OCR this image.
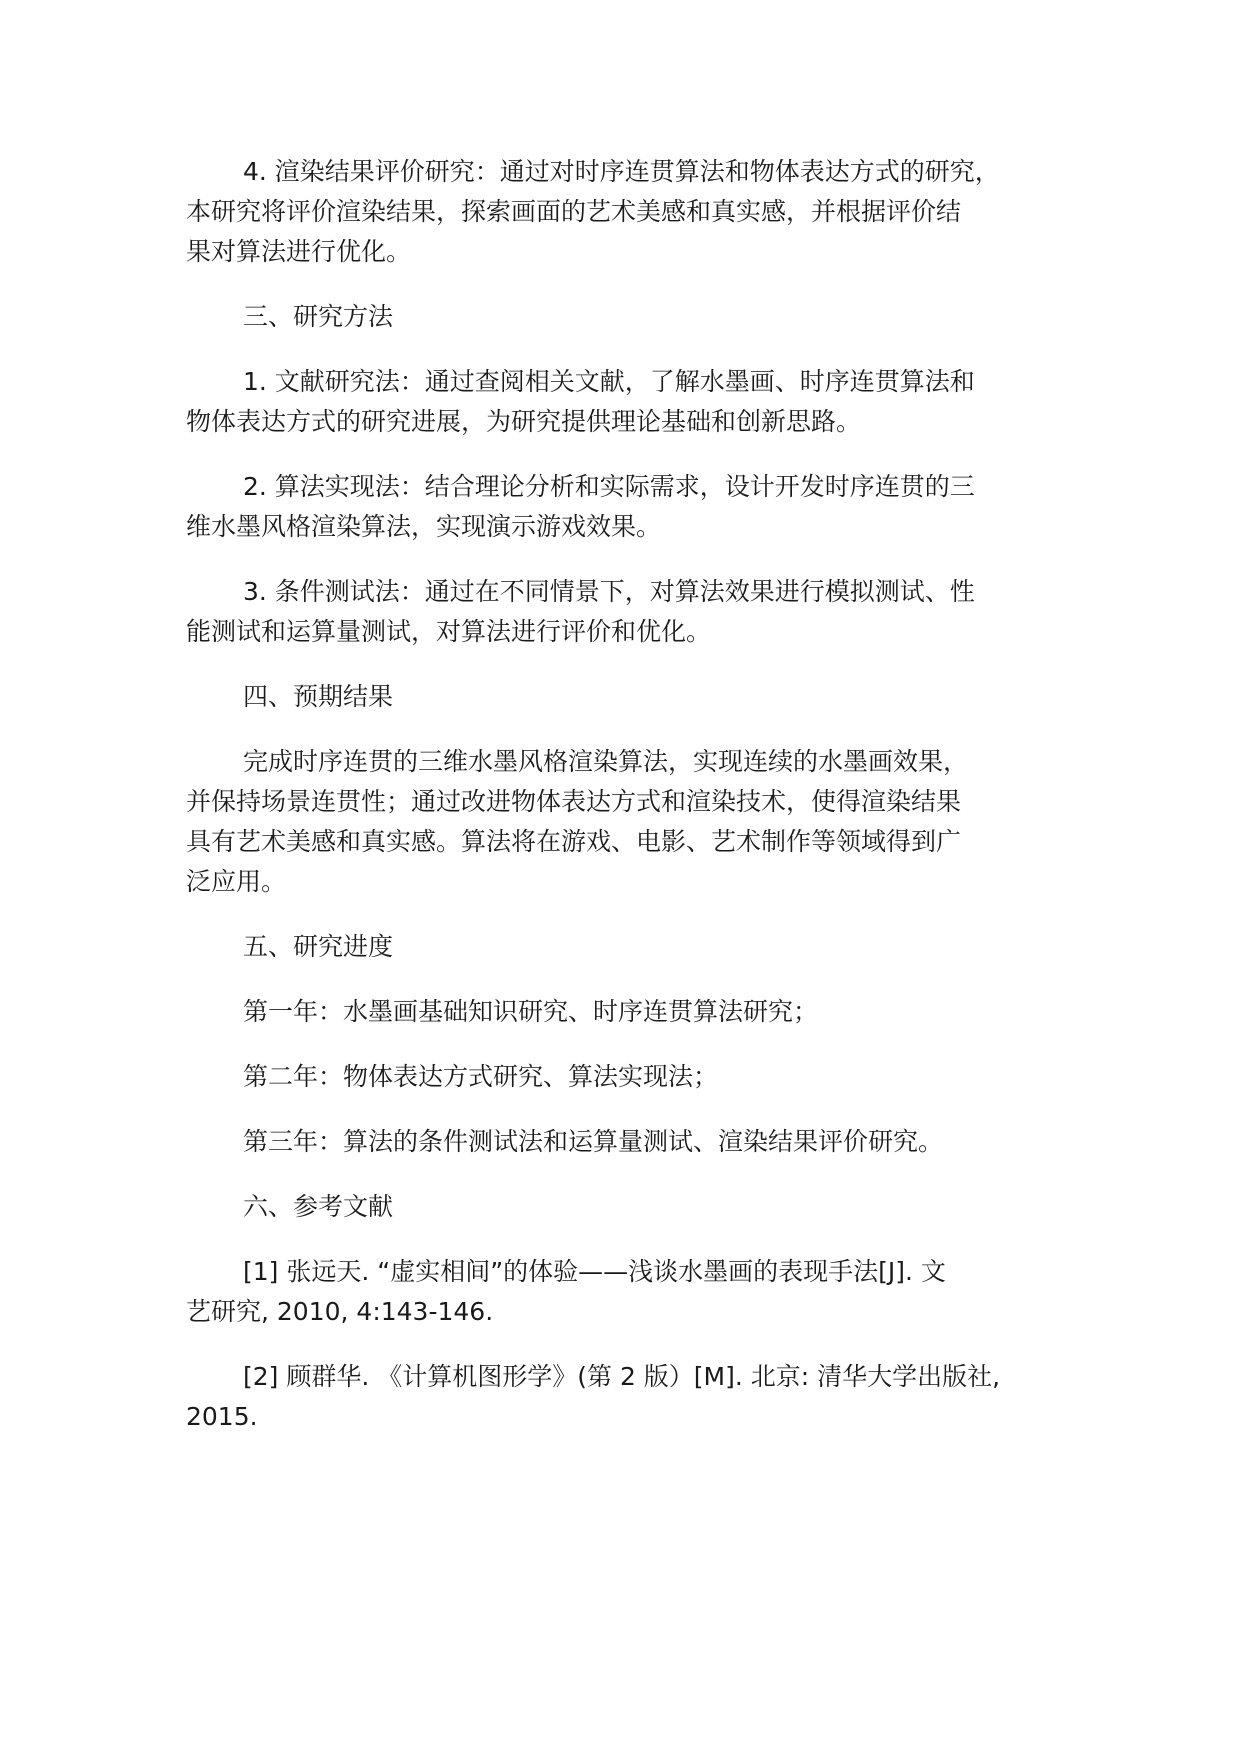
4. 渲染结果评价研究：通过对时序连贯算法和物体表达方式的研究，
本研究将评价渲染结果，探索画面的艺术美感和真实感，并根据评价结
果对算法进行优化。
三、研究方法
1. 文献研究法：通过查阅相关文献，了解水墨画、时序连贯算法和
物体表达方式的研究进展，为研究提供理论基础和创新思路。
2. 算法实现法：结合理论分析和实际需求，设计开发时序连贯的三
维水墨风格渲染算法，实现演示游戏效果。
3. 条件测试法：通过在不同情景下，对算法效果进行模拟测试、性
能测试和运算量测试，对算法进行评价和优化。
四、预期结果
完成时序连贯的三维水墨风格渲染算法，实现连续的水墨画效果，
并保持场景连贯性；通过改进物体表达方式和渲染技术，使得渲染结果
具有艺术美感和真实感。算法将在游戏、电影、艺术制作等领域得到广
泛应用。
五、研究进度
第一年：水墨画基础知识研究、时序连贯算法研究；
第二年：物体表达方式研究、算法实现法；
第三年：算法的条件测试法和运算量测试、渲染结果评价研究。
六、参考文献
[1] 张远天. “虚实相间”的体验——浅谈水墨画的表现手法[J]. 文
艺研究, 2010, 4:143-146.
[2] 顾群华. 《计算机图形学》(第 2 版）[M]. 北京: 清华大学出版社,
2015.
